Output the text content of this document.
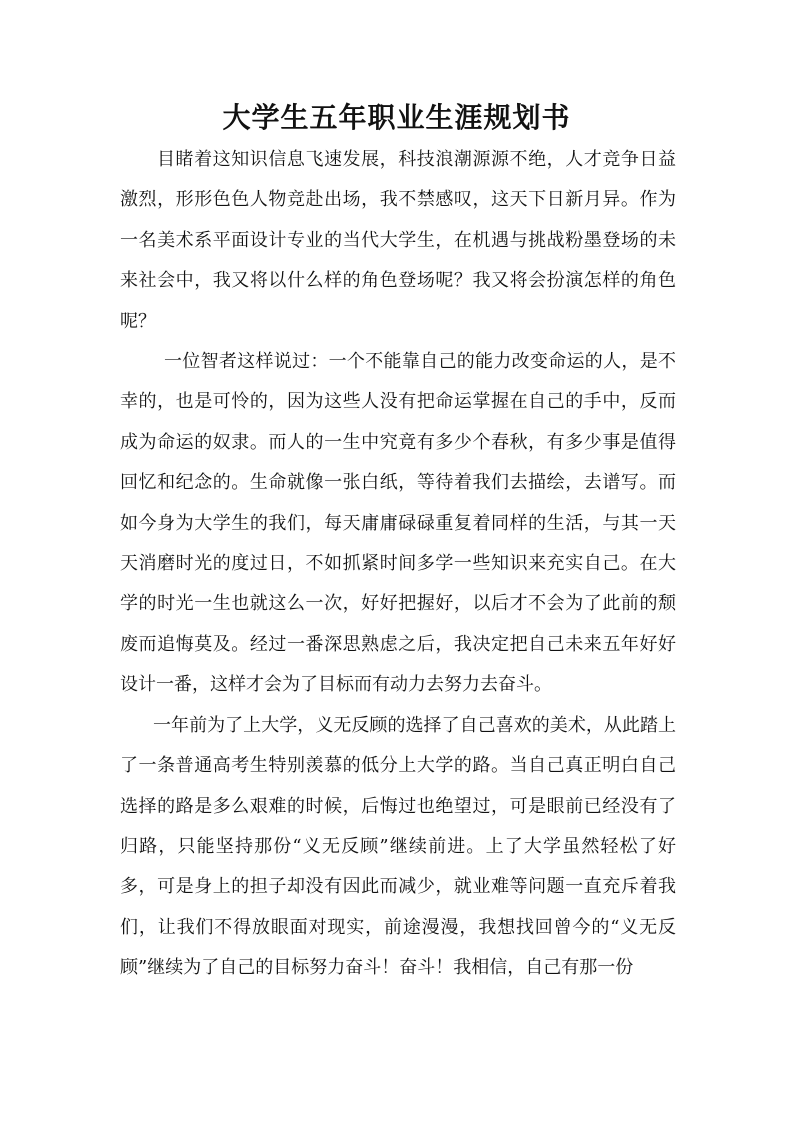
大学生五年职业生涯规划书

目睹着这知识信息飞速发展，科技浪潮源源不绝，人才竞争日益激烈，形形色色人物竞赴出场，我不禁感叹，这天下日新月异。作为一名美术系平面设计专业的当代大学生，在机遇与挑战粉墨登场的未来社会中，我又将以什么样的角色登场呢？我又将会扮演怎样的角色呢？

一位智者这样说过：一个不能靠自己的能力改变命运的人，是不幸的，也是可怜的，因为这些人没有把命运掌握在自己的手中，反而成为命运的奴隶。而人的一生中究竟有多少个春秋，有多少事是值得回忆和纪念的。生命就像一张白纸，等待着我们去描绘，去谱写。而如今身为大学生的我们，每天庸庸碌碌重复着同样的生活，与其一天天消磨时光的度过日，不如抓紧时间多学一些知识来充实自己。在大学的时光一生也就这么一次，好好把握好，以后才不会为了此前的颓废而追悔莫及。经过一番深思熟虑之后，我决定把自己未来五年好好设计一番，这样才会为了目标而有动力去努力去奋斗。

一年前为了上大学，义无反顾的选择了自己喜欢的美术，从此踏上了一条普通高考生特别羡慕的低分上大学的路。当自己真正明白自己选择的路是多么艰难的时候，后悔过也绝望过，可是眼前已经没有了归路，只能坚持那份“义无反顾”继续前进。上了大学虽然轻松了好多，可是身上的担子却没有因此而减少，就业难等问题一直充斥着我们，让我们不得放眼面对现实，前途漫漫，我想找回曾今的“义无反顾”继续为了自己的目标努力奋斗！奋斗！我相信，自己有那一份
